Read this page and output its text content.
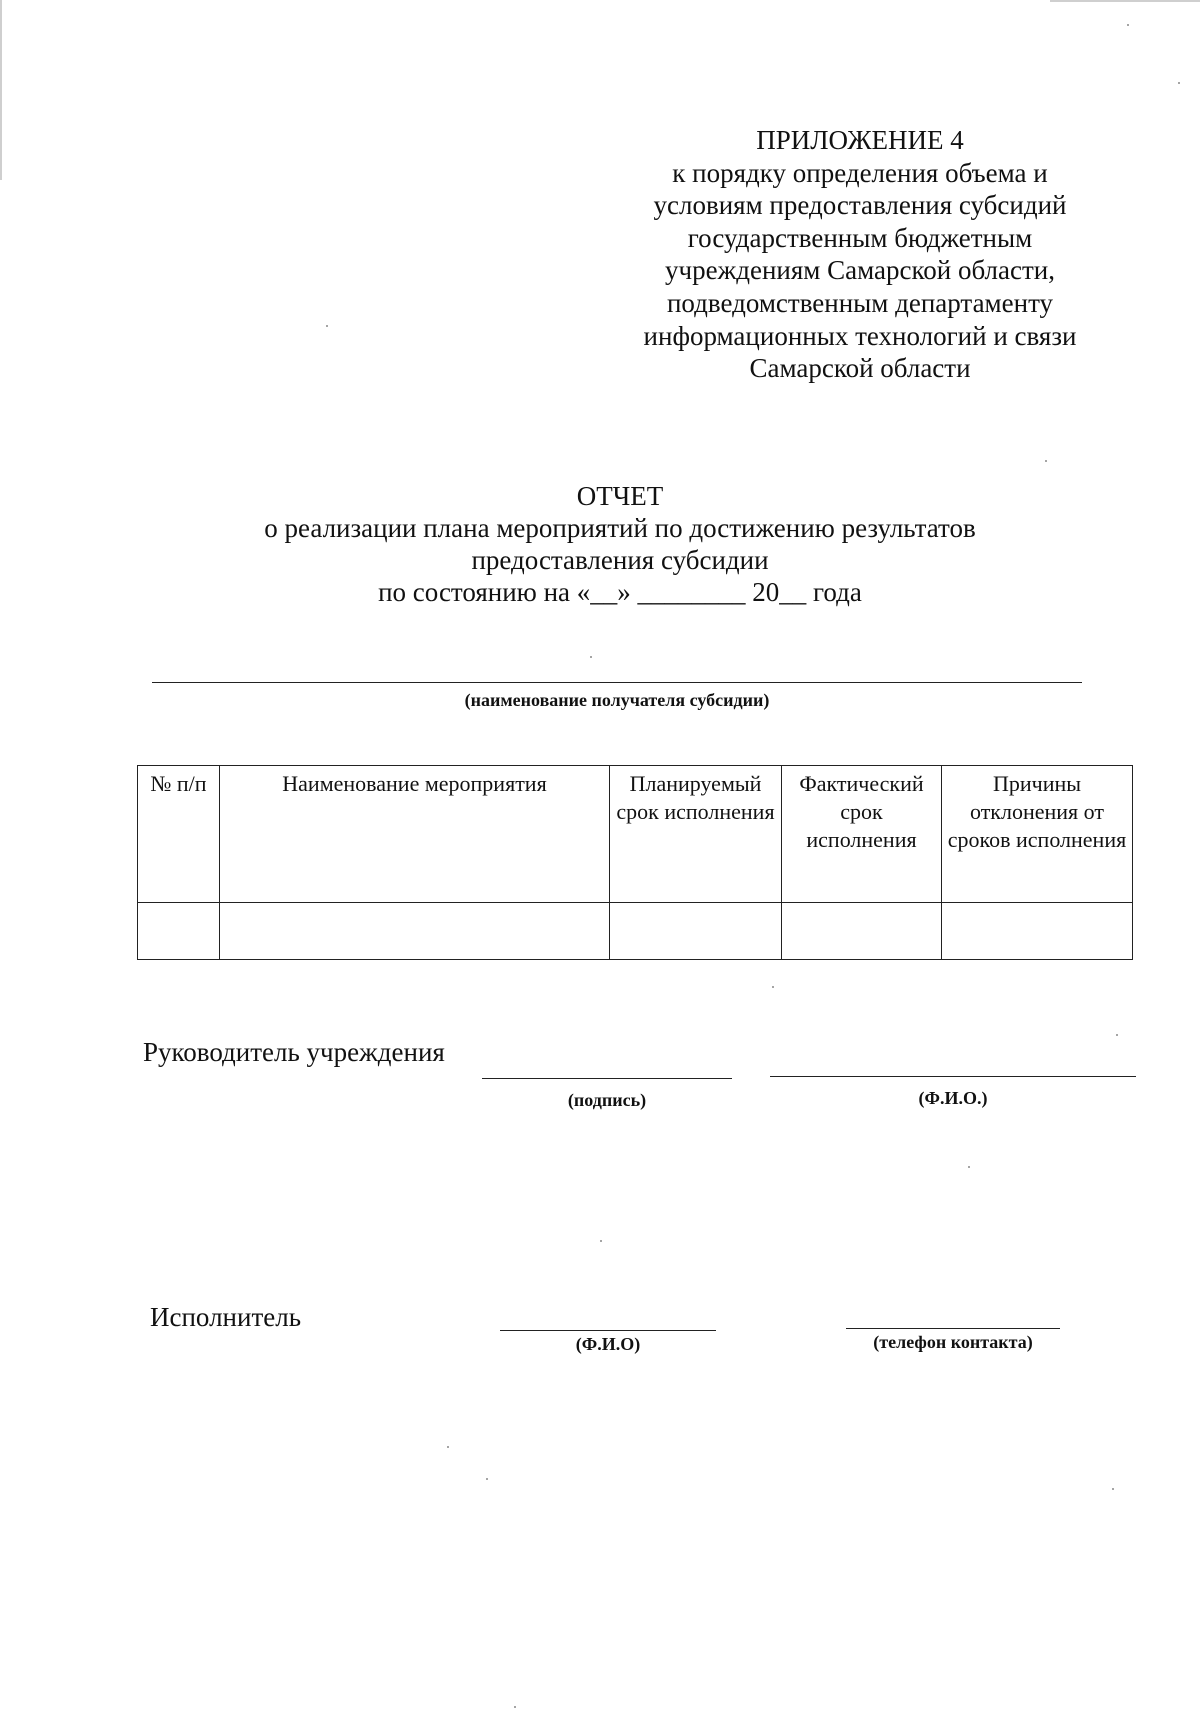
ПРИЛОЖЕНИЕ 4
к порядку определения объема и
условиям предоставления субсидий
государственным бюджетным
учреждениям Самарской области,
подведомственным департаменту
информационных технологий и связи
Самарской области
ОТЧЕТ
о реализации плана мероприятий по достижению результатов
предоставления субсидии
по состоянию на «__» ________ 20__ года
(наименование получателя субсидии)
№ п/п	Наименование мероприятия	Планируемый срок исполнения	Фактический срок исполнения	Причины отклонения от сроков исполнения

Руководитель учреждения
(подпись)	(Ф.И.О.)
Исполнитель
(Ф.И.О)	(телефон контакта)
